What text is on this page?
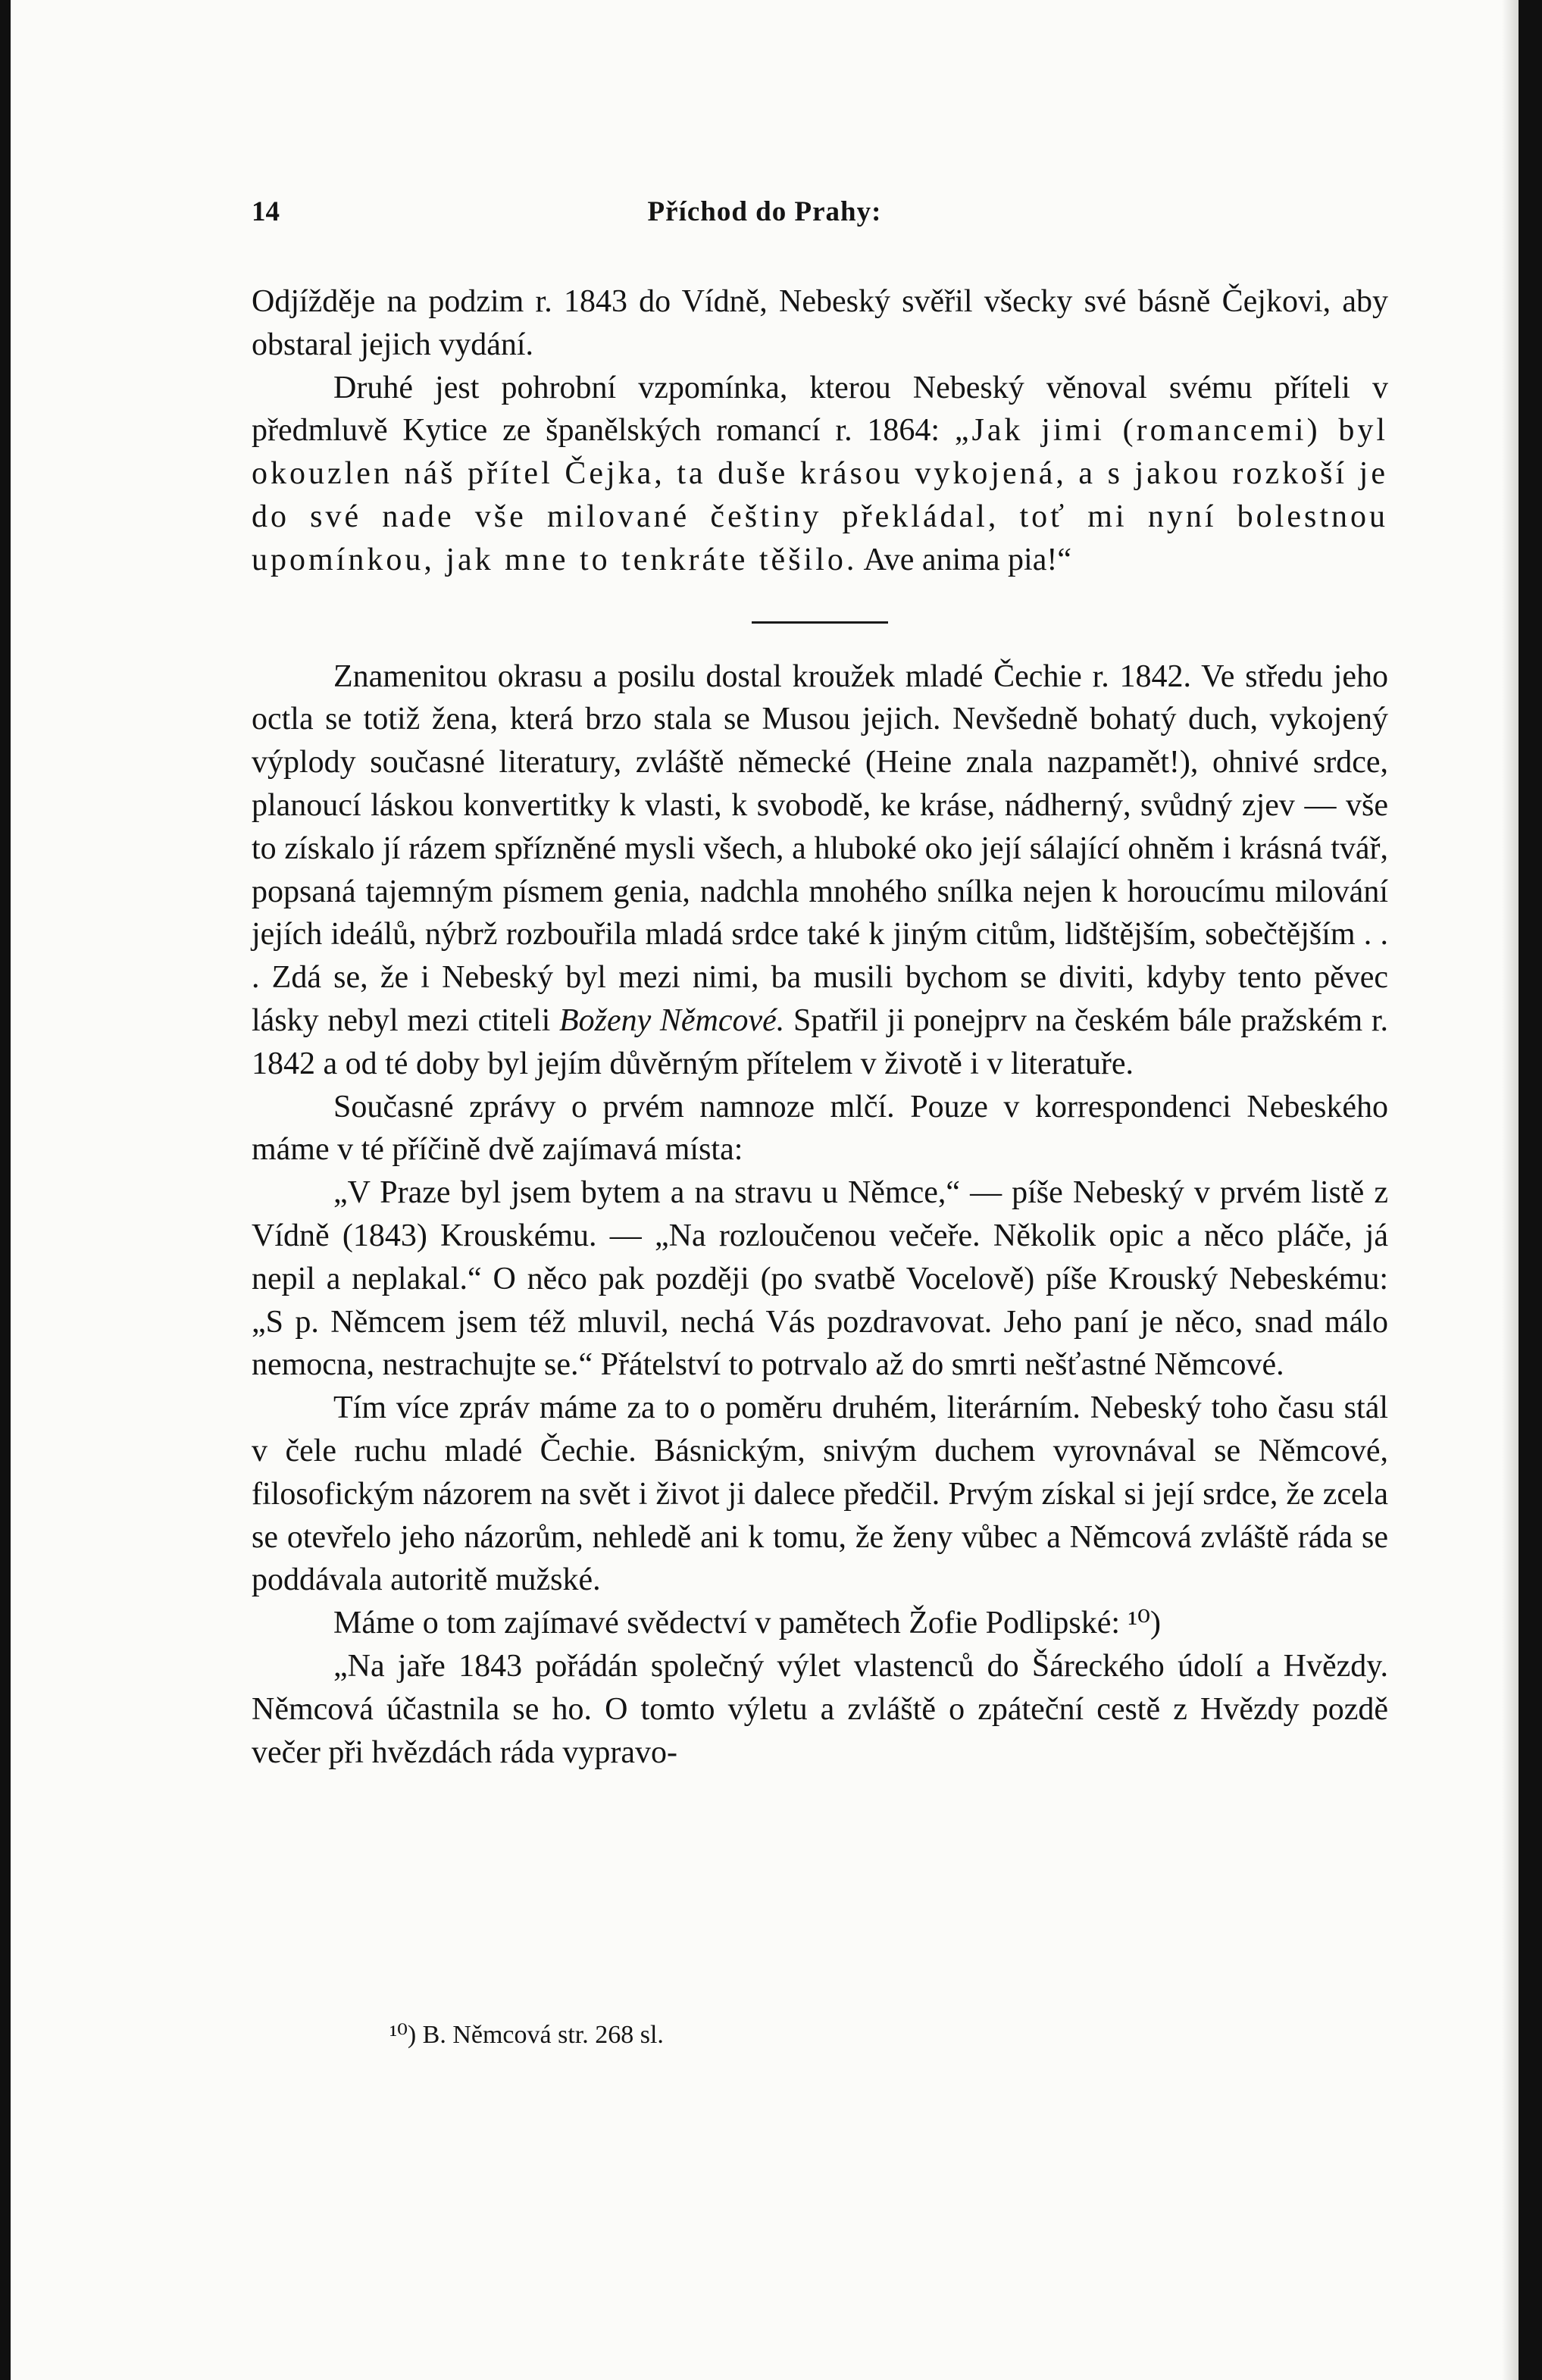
14	Příchod do Prahy:

Odjížděje na podzim r. 1843 do Vídně, Nebeský svěřil všecky své básně Čejkovi, aby obstaral jejich vydání.

Druhé jest pohrobní vzpomínka, kterou Nebeský věnoval svému příteli v předmluvě Kytice ze španělských romancí r. 1864: „Jak jimi (romancemi) byl okouzlen náš přítel Čejka, ta duše krásou vykojená, a s jakou rozkoší je do své nade vše milované češtiny překládal, toť mi nyní bolestnou upomínkou, jak mne to tenkráte těšilo. Ave anima pia!“

Znamenitou okrasu a posilu dostal kroužek mladé Čechie r. 1842. Ve středu jeho octla se totiž žena, která brzo stala se Musou jejich. Nevšedně bohatý duch, vykojený výplody současné literatury, zvláště německé (Heine znala nazpamět!), ohnivé srdce, planoucí láskou konvertitky k vlasti, k svobodě, ke kráse, nádherný, svůdný zjev — vše to získalo jí rázem spřízněné mysli všech, a hluboké oko její sálající ohněm i krásná tvář, popsaná tajemným písmem genia, nadchla mnohého snílka nejen k horoucímu milování jejích ideálů, nýbrž rozbouřila mladá srdce také k jiným citům, lidštějším, sobečtějším . . . Zdá se, že i Nebeský byl mezi nimi, ba musili bychom se diviti, kdyby tento pěvec lásky nebyl mezi ctiteli Boženy Němcové. Spatřil ji ponejprv na českém bále pražském r. 1842 a od té doby byl jejím důvěrným přítelem v životě i v literatuře.

Současné zprávy o prvém namnoze mlčí. Pouze v korrespondenci Nebeského máme v té příčině dvě zajímavá místa:

„V Praze byl jsem bytem a na stravu u Němce,“ — píše Nebeský v prvém listě z Vídně (1843) Krouskému. — „Na rozloučenou večeře. Několik opic a něco pláče, já nepil a neplakal.“ O něco pak později (po svatbě Vocelově) píše Krouský Nebeskému: „S p. Němcem jsem též mluvil, nechá Vás pozdravovat. Jeho paní je něco, snad málo nemocna, nestrachujte se.“ Přátelství to potrvalo až do smrti nešťastné Němcové.

Tím více zpráv máme za to o poměru druhém, literárním. Nebeský toho času stál v čele ruchu mladé Čechie. Básnickým, snivým duchem vyrovnával se Němcové, filosofickým názorem na svět i život ji dalece předčil. Prvým získal si její srdce, že zcela se otevřelo jeho názorům, nehledě ani k tomu, že ženy vůbec a Němcová zvláště ráda se poddávala autoritě mužské.

Máme o tom zajímavé svědectví v pamětech Žofie Podlipské: ¹⁰)

„Na jaře 1843 pořádán společný výlet vlastenců do Šáreckého údolí a Hvězdy. Němcová účastnila se ho. O tomto výletu a zvláště o zpáteční cestě z Hvězdy pozdě večer při hvězdách ráda vypravo-

¹⁰) B. Němcová str. 268 sl.
